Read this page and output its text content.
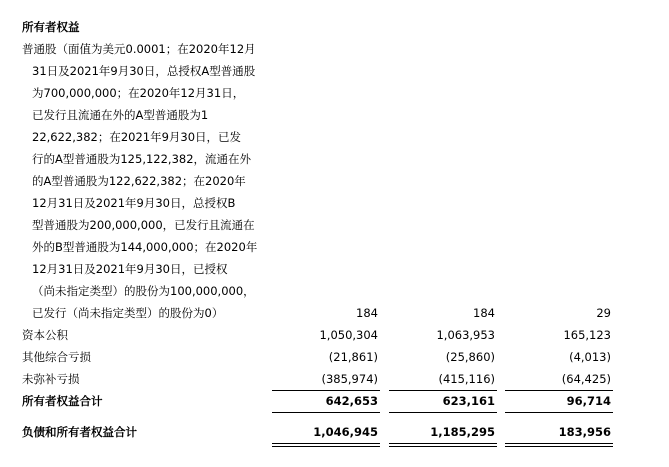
所有者权益
普通股（面值为美元0.0001；在2020年12月
31日及2021年9月30日，总授权A型普通股
为700,000,000；在2020年12月31日，
已发行且流通在外的A型普通股为1
22,622,382；在2021年9月30日，已发
行的A型普通股为125,122,382，流通在外
的A型普通股为122,622,382；在2020年
12月31日及2021年9月30日，总授权B
型普通股为200,000,000，已发行且流通在
外的B型普通股为144,000,000；在2020年
12月31日及2021年9月30日，已授权
（尚未指定类型）的股份为100,000,000，
已发行（尚未指定类型）的股份为0）	184	184	29
资本公积	1,050,304	1,063,953	165,123
其他综合亏损	(21,861)	(25,860)	(4,013)
未弥补亏损	(385,974)	(415,116)	(64,425)
所有者权益合计	642,653	623,161	96,714
负债和所有者权益合计	1,046,945	1,185,295	183,956
